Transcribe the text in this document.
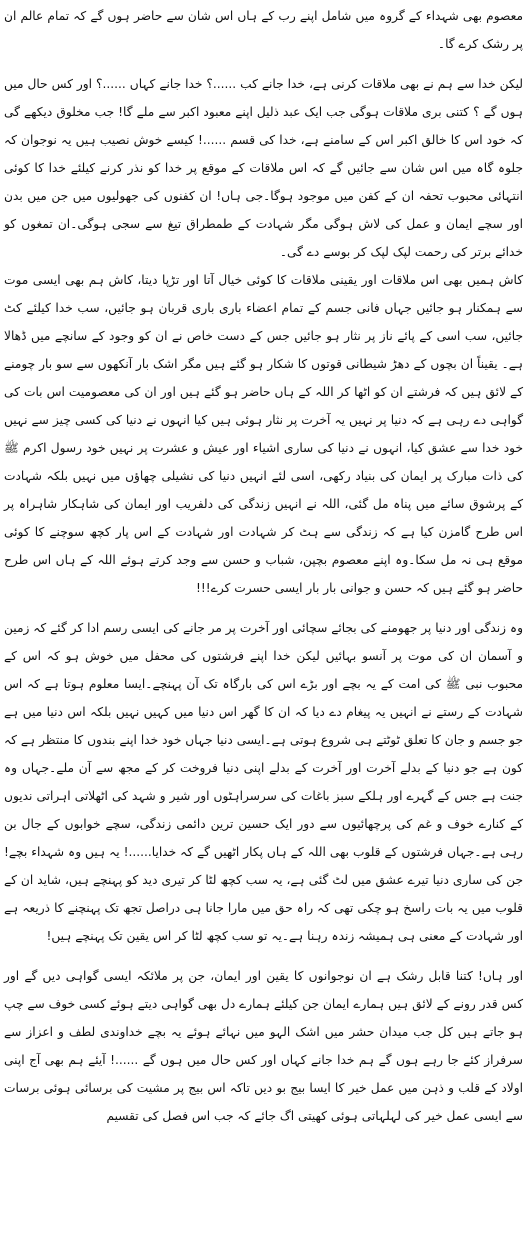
معصوم بھی شہداء کے گروہ میں شامل اپنے رب کے ہاں اس شان سے حاضر ہوں گے کہ تمام عالم ان پر رشک کرے گا۔

لیکن خدا سے ہم نے بھی ملاقات کرنی ہے، خدا جانے کب ......؟ خدا جانے کہاں ......؟ اور کس حال میں ہوں گے ؟ کتنی بری ملاقات ہوگی جب ایک عبد ذلیل اپنے معبود اکبر سے ملے گا! جب مخلوق دیکھے گی کہ خود اس کا خالق اکبر اس کے سامنے ہے، خدا کی قسم ......! کیسے خوش نصیب ہیں یہ نوجوان کہ جلوہ گاہ میں اس شان سے جائیں گے کہ اس ملاقات کے موقع پر خدا کو نذر کرنے کیلئے خدا کا کوئی انتہائی محبوب تحفہ ان کے کفن میں موجود ہوگا۔جی ہاں! ان کفنوں کی جھولیوں میں جن میں بدن اور سچے ایمان و عمل کی لاش ہوگی مگر شہادت کے طمطراق تیغ سے سجی ہوگی۔ان تمغوں کو خدائے برتر کی رحمت لپک لپک کر بوسے دے گی۔

کاش ہمیں بھی اس ملاقات اور یقینی ملاقات کا کوئی خیال آتا اور تڑپا دیتا، کاش ہم بھی ایسی موت سے ہمکنار ہو جائیں جہاں فانی جسم کے تمام اعضاء باری باری قربان ہو جائیں، سب خدا کیلئے کٹ جائیں، سب اسی کے پائے ناز پر نثار ہو جائیں جس کے دست خاص نے ان کو وجود کے سانچے میں ڈھالا ہے۔ یقیناً ان بچوں کے دھڑ شیطانی قوتوں کا شکار ہو گئے ہیں مگر اشک بار آنکھوں سے سو بار چومنے کے لائق ہیں کہ فرشتے ان کو اٹھا کر اللہ کے ہاں حاضر ہو گئے ہیں اور ان کی معصومیت اس بات کی گواہی دے رہی ہے کہ دنیا پر نہیں یہ آخرت پر نثار ہوئی ہیں کیا انہوں نے دنیا کی کسی چیز سے نہیں خود خدا سے عشق کیا، انہوں نے دنیا کی ساری اشیاء اور عیش و عشرت پر نہیں خود رسول اکرم ﷺ کی ذات مبارک پر ایمان کی بنیاد رکھی، اسی لئے انہیں دنیا کی نشیلی چھاؤں میں نہیں بلکہ شہادت کے پرشوق سائے میں پناہ مل گئی، اللہ نے انہیں زندگی کی دلفریب اور ایمان کی شاہکار شاہراہ پر اس طرح گامزن کیا ہے کہ زندگی سے ہٹ کر شہادت اور شہادت کے اس پار کچھ سوچنے کا کوئی موقع ہی نہ مل سکا۔وہ اپنے معصوم بچپن، شباب و حسن سے وجد کرتے ہوئے اللہ کے ہاں اس طرح حاضر ہو گئے ہیں کہ حسن و جوانی بار بار ایسی حسرت کرے!!!

وہ زندگی اور دنیا پر جھومنے کی بجائے سچائی اور آخرت پر مر جانے کی ایسی رسم ادا کر گئے کہ زمین و آسمان ان کی موت پر آنسو بہائیں لیکن خدا اپنے فرشتوں کی محفل میں خوش ہو کہ اس کے محبوب نبی ﷺ کی امت کے یہ بچے اور بڑے اس کی بارگاہ تک آن پہنچے۔ایسا معلوم ہوتا ہے کہ اس شہادت کے رستے نے انہیں یہ پیغام دے دیا کہ ان کا گھر اس دنیا میں کہیں نہیں بلکہ اس دنیا میں ہے جو جسم و جان کا تعلق ٹوٹتے ہی شروع ہوتی ہے۔ایسی دنیا جہاں خود خدا اپنے بندوں کا منتظر ہے کہ کون ہے جو دنیا کے بدلے آخرت اور آخرت کے بدلے اپنی دنیا فروخت کر کے مجھ سے آن ملے۔جہاں وہ جنت ہے جس کے گہرے اور ہلکے سبز باغات کی سرسراہٹوں اور شیر و شہد کی اٹھلاتی اہراتی ندیوں کے کنارے خوف و غم کی پرچھائیوں سے دور ایک حسین ترین دائمی زندگی، سچے خوابوں کے جال بن رہی ہے۔جہاں فرشتوں کے قلوب بھی اللہ کے ہاں پکار اٹھیں گے کہ خدایا......! یہ ہیں وہ شہداء بچے! جن کی ساری دنیا تیرے عشق میں لٹ گئی ہے، یہ سب کچھ لٹا کر تیری دید کو پہنچے ہیں، شاید ان کے قلوب میں یہ بات راسخ ہو چکی تھی کہ راہ حق میں مارا جانا ہی دراصل تجھ تک پہنچنے کا ذریعہ ہے اور شہادت کے معنی ہی ہمیشہ زندہ رہنا ہے۔یہ تو سب کچھ لٹا کر اس یقین تک پہنچے ہیں!

اور ہاں! کتنا قابل رشک ہے ان نوجوانوں کا یقین اور ایمان، جن پر ملائکہ ایسی گواہی دیں گے اور کس قدر رونے کے لائق ہیں ہمارے ایمان جن کیلئے ہمارے دل بھی گواہی دیتے ہوئے کسی خوف سے چپ ہو جاتے ہیں کل جب میدان حشر میں اشک الہو میں نہائے ہوئے یہ بچے خداوندی لطف و اعزاز سے سرفراز کئے جا رہے ہوں گے ہم خدا جانے کہاں اور کس حال میں ہوں گے ......! آیئے ہم بھی آج اپنی اولاد کے قلب و ذہن میں عمل خیر کا ایسا بیج بو دیں تاکہ اس بیج پر مشیت کی برسائی ہوئی برسات سے ایسی عمل خیر کی لہلہاتی ہوئی کھیتی اگ جائے کہ جب اس فصل کی تقسیم
